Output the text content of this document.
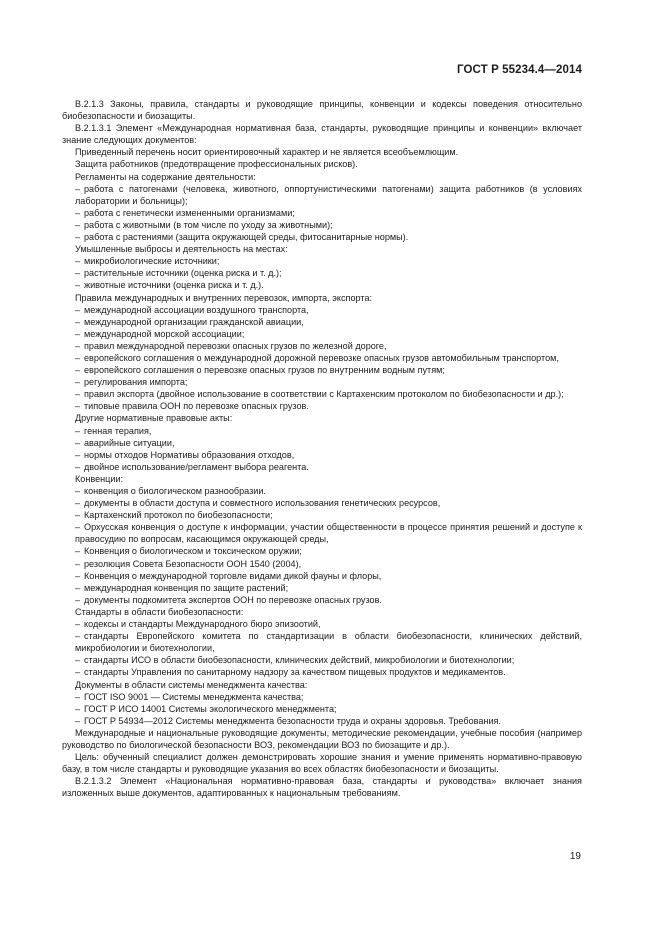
ГОСТ Р 55234.4—2014

В.2.1.3 Законы, правила, стандарты и руководящие принципы, конвенции и кодексы поведения относительно биобезопасности и биозащиты.

В.2.1.3.1 Элемент «Международная нормативная база, стандарты, руководящие принципы и конвенции» включает знание следующих документов:

Приведенный перечень носит ориентировочный характер и не является всеобъемлющим.

Защита работников (предотвращение профессиональных рисков).

Регламенты на содержание деятельности:

– работа с патогенами (человека, животного, оппортунистическими патогенами) защита работников (в условиях лаборатории и больницы);

– работа с генетически измененными организмами;

– работа с животными (в том числе по уходу за животными);

– работа с растениями (защита окружающей среды, фитосанитарные нормы).

Умышленные выбросы и деятельность на местах:

– микробиологические источники;

– растительные источники (оценка риска и т. д.);

– животные источники (оценка риска и т. д.).

Правила международных и внутренних перевозок, импорта, экспорта:

– международной ассоциации воздушного транспорта,

– международной организации гражданской авиации,

– международной морской ассоциации;

– правил международной перевозки опасных грузов по железной дороге,

– европейского соглашения о международной дорожной перевозке опасных грузов автомобильным транспортом,

– европейского соглашения о перевозке опасных грузов по внутренним водным путям;

– регулирования импорта;

– правил экспорта (двойное использование в соответствии с Картахенским протоколом по биобезопасности и др.);

– типовые правила ООН по перевозке опасных грузов.

Другие нормативные правовые акты:

– генная терапия,

– аварийные ситуации,

– нормы отходов Нормативы образования отходов,

– двойное использование/регламент выбора реагента.

Конвенции:

– конвенция о биологическом разнообразии.

– документы в области доступа и совместного использования генетических ресурсов,

– Картахенский протокол по биобезопасности;

– Орхусская конвенция о доступе к информации, участии общественности в процессе принятия решений и доступе к правосудию по вопросам, касающимся окружающей среды,

– Конвенция о биологическом и токсическом оружии;

– резолюция Совета Безопасности ООН 1540 (2004),

– Конвенция о международной торговле видами дикой фауны и флоры,

– международная конвенция по защите растений;

– документы подкомитета экспертов ООН по перевозке опасных грузов.

Стандарты в области биобезопасности:

– кодексы и стандарты Международного бюро эпизоотий,

– стандарты Европейского комитета по стандартизации в области биобезопасности, клинических действий, микробиологии и биотехнологии,

– стандарты ИСО в области биобезопасности, клинических действий, микробиологии и биотехнологии;

– стандарты Управления по санитарному надзору за качеством пищевых продуктов и медикаментов.

Документы в области системы менеджмента качества:

– ГОСТ ISO 9001 — Системы менеджмента качества;

– ГОСТ Р ИСО 14001 Системы экологического менеджмента;

– ГОСТ Р 54934—2012 Системы менеджмента безопасности труда и охраны здоровья. Требования.

Международные и национальные руководящие документы, методические рекомендации, учебные пособия (например руководство по биологической безопасности ВОЗ, рекомендации ВОЗ по биозащите и др.).

Цель: обученный специалист должен демонстрировать хорошие знания и умение применять нормативно-правовую базу, в том числе стандарты и руководящие указания во всех областях биобезопасности и биозащиты.

В.2.1.3.2 Элемент «Национальная нормативно-правовая база, стандарты и руководства» включает знания изложенных выше документов, адаптированных к национальным требованиям.

19
